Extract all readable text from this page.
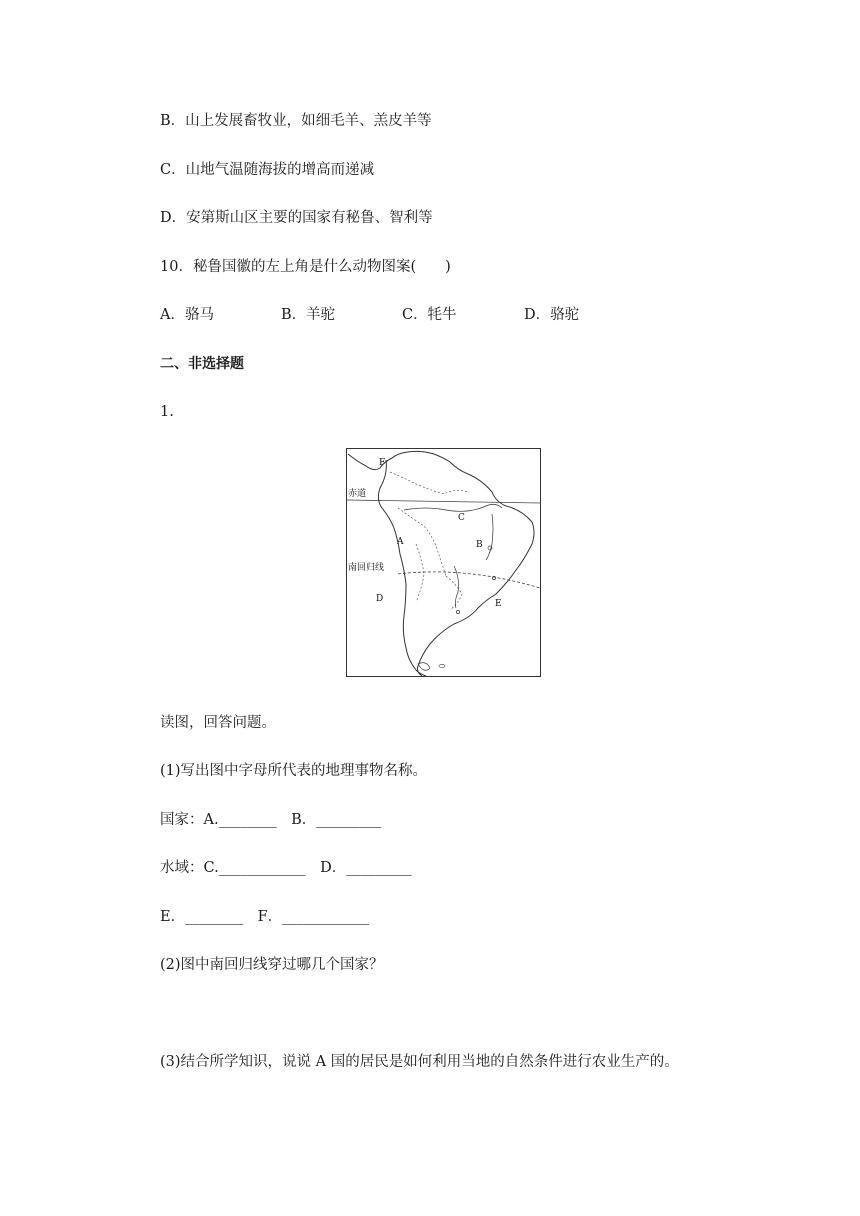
B．山上发展畜牧业，如细毛羊、羔皮羊等
C．山地气温随海拔的增高而递减
D．安第斯山区主要的国家有秘鲁、智利等
10．秘鲁国徽的左上角是什么动物图案(　　)
A．骆马	B．羊驼	C．牦牛	D．骆驼
二、非选择题
1.
赤道
南回归线
F
C
A	B
D	E
读图，回答问题。
(1)写出图中字母所代表的地理事物名称。
国家：A.________　B．_________
水域：C.____________　D．_________
E．________　F．____________
(2)图中南回归线穿过哪几个国家？
(3)结合所学知识，说说 A 国的居民是如何利用当地的自然条件进行农业生产的。
